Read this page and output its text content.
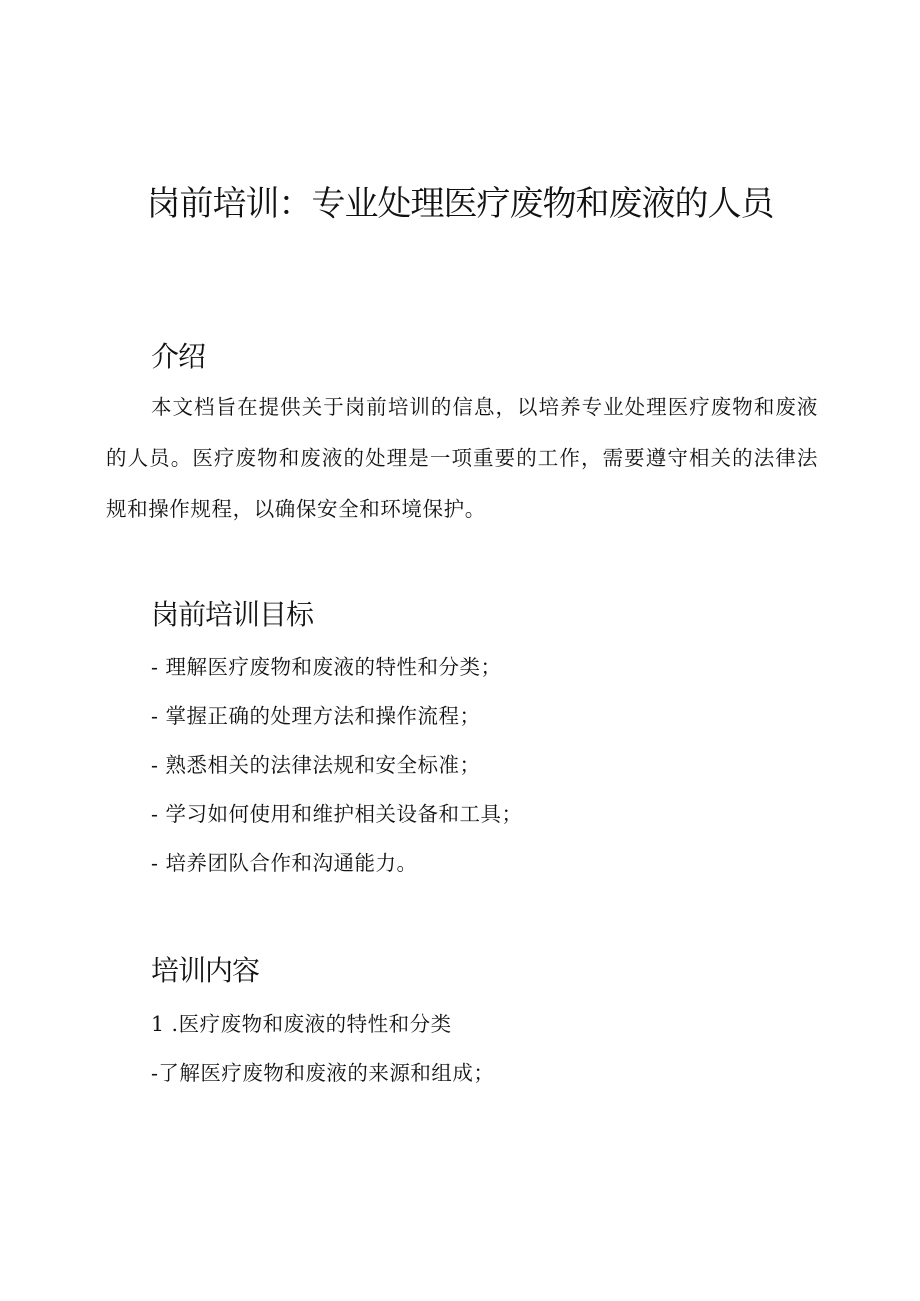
岗前培训：专业处理医疗废物和废液的人员
介绍

本文档旨在提供关于岗前培训的信息，以培养专业处理医疗废物和废液的人员。医疗废物和废液的处理是一项重要的工作，需要遵守相关的法律法规和操作规程，以确保安全和环境保护。

岗前培训目标
- 理解医疗废物和废液的特性和分类；
- 掌握正确的处理方法和操作流程；
- 熟悉相关的法律法规和安全标准；
- 学习如何使用和维护相关设备和工具；
- 培养团队合作和沟通能力。
培训内容

1 .医疗废物和废液的特性和分类

-了解医疗废物和废液的来源和组成；
